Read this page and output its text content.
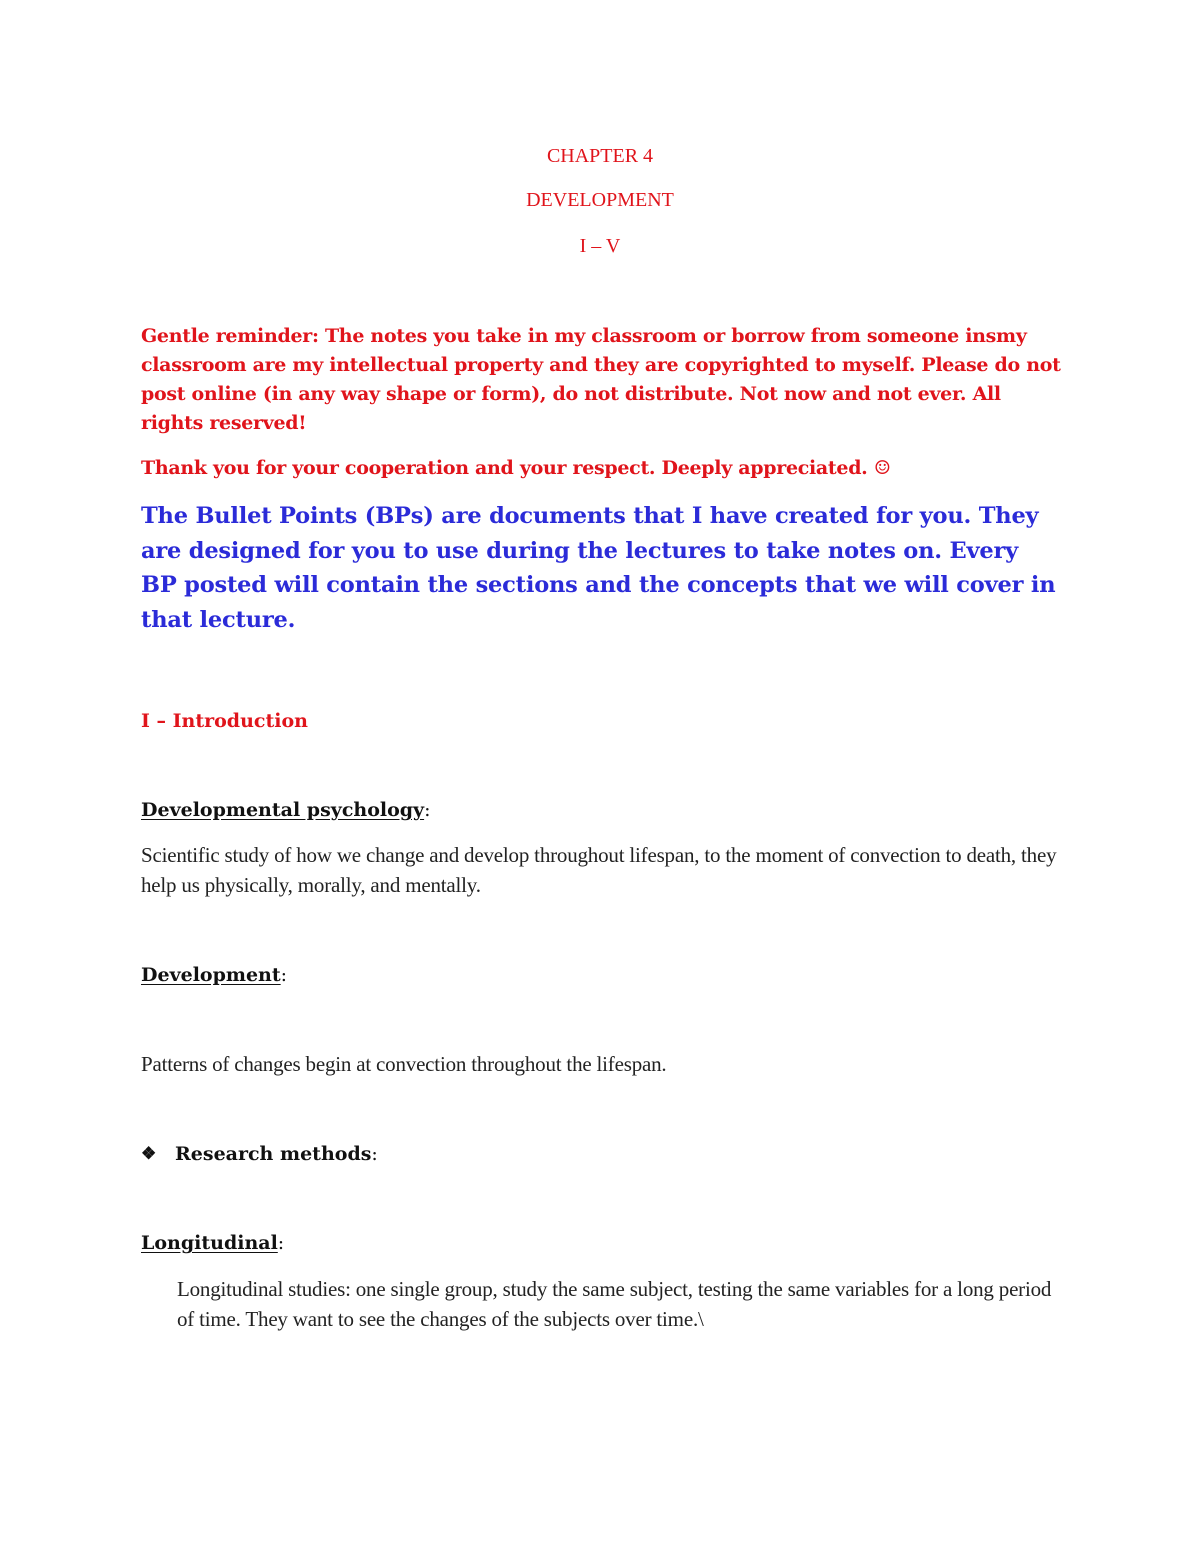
CHAPTER 4
DEVELOPMENT
I – V
Gentle reminder: The notes you take in my classroom or borrow from someone insmy classroom are my intellectual property and they are copyrighted to myself. Please do not post online (in any way shape or form), do not distribute. Not now and not ever. All rights reserved!
Thank you for your cooperation and your respect. Deeply appreciated. ☺
The Bullet Points (BPs) are documents that I have created for you. They are designed for you to use during the lectures to take notes on. Every BP posted will contain the sections and the concepts that we will cover in that lecture.
I – Introduction
Developmental psychology:
Scientific study of how we change and develop throughout lifespan, to the moment of convection to death, they help us physically, morally, and mentally.
Development:
Patterns of changes begin at convection throughout the lifespan.
❖ Research methods:
Longitudinal:
Longitudinal studies: one single group, study the same subject, testing the same variables for a long period of time. They want to see the changes of the subjects over time.\
